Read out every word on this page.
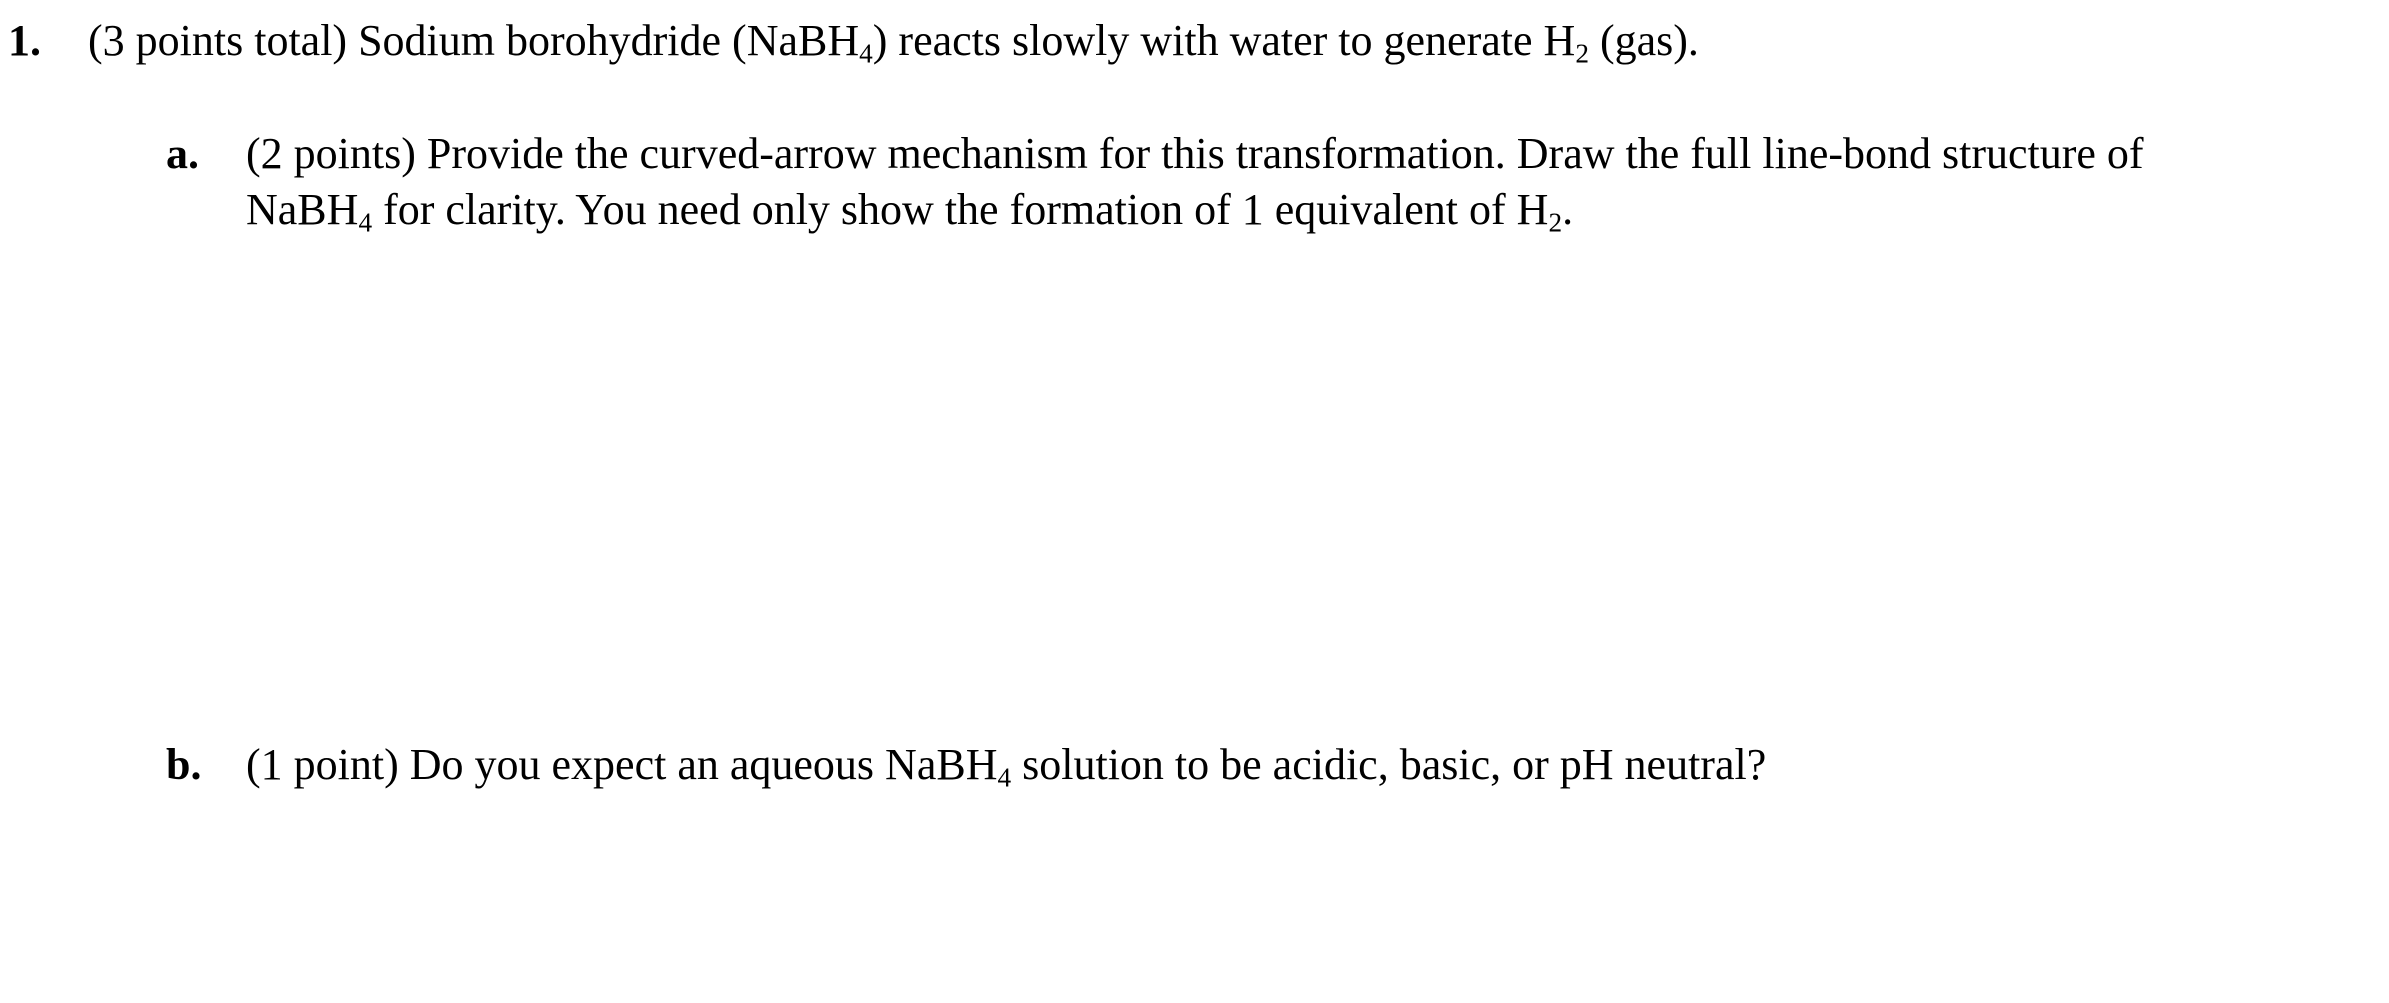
1. (3 points total) Sodium borohydride (NaBH$_4$) reacts slowly with water to generate $H_2$ (gas).
a. (2 points) Provide the curved-arrow mechanism for this transformation. Draw the full line-bond structure of
NaBH$_4$ for clarity. You need only show the formation of 1 equivalent of $H_2$.
b. (1 point) Do you expect an aqueous NaBH$_4$ solution to be acidic, basic, or pH neutral?
